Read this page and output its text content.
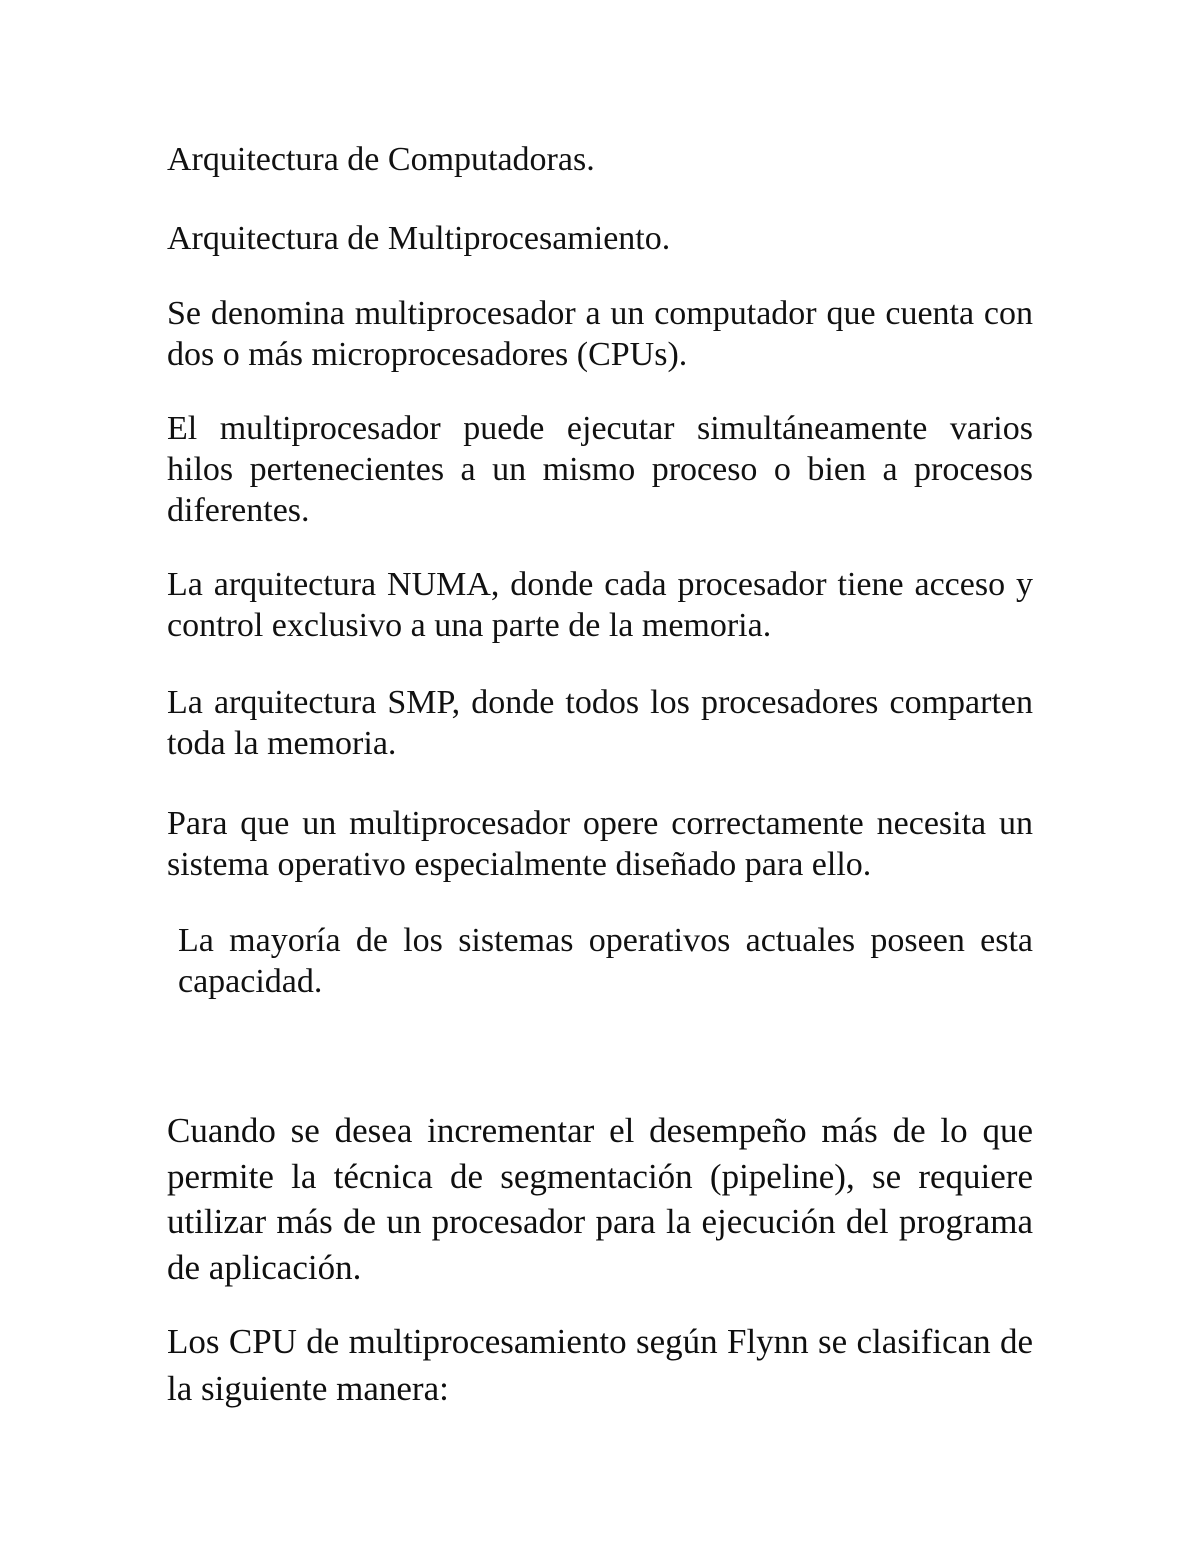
Arquitectura de Computadoras.

Arquitectura de Multiprocesamiento.

Se denomina multiprocesador a un computador que cuenta con dos o más microprocesadores (CPUs).

El multiprocesador puede ejecutar simultáneamente varios hilos pertenecientes a un mismo proceso o bien a procesos diferentes.

La arquitectura NUMA, donde cada procesador tiene acceso y control exclusivo a una parte de la memoria.

La arquitectura SMP, donde todos los procesadores comparten toda la memoria.

Para que un multiprocesador opere correctamente necesita un sistema operativo especialmente diseñado para ello.

La mayoría de los sistemas operativos actuales poseen esta capacidad.

Cuando se desea incrementar el desempeño más de lo que permite la técnica de segmentación (pipeline), se requiere utilizar más de un procesador para la ejecución del programa de aplicación.

Los CPU de multiprocesamiento según Flynn se clasifican de la siguiente manera:
